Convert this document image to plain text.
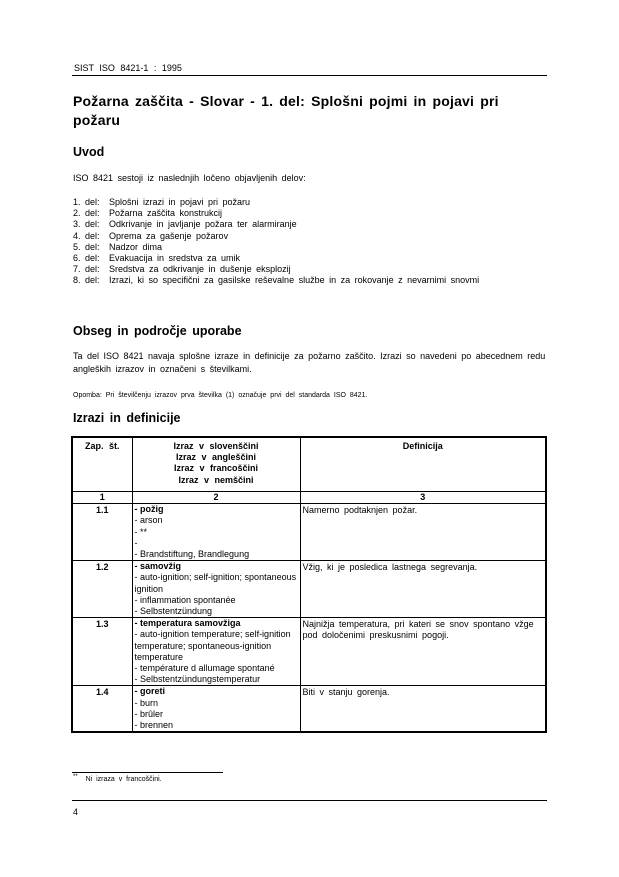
SIST ISO 8421-1 : 1995
Požarna zaščita - Slovar - 1. del: Splošni pojmi in pojavi pri požaru
Uvod
ISO 8421 sestoji iz naslednjih ločeno objavljenih delov:
1. del:	Splošni izrazi in pojavi pri požaru
2. del:	Požarna zaščita konstrukcij
3. del:	Odkrivanje in javljanje požara ter alarmiranje
4. del:	Oprema za gašenje požarov
5. del:	Nadzor dima
6. del:	Evakuacija in sredstva za umik
7. del:	Sredstva za odkrivanje in dušenje eksplozij
8. del:	Izrazi, ki so specifični za gasilske reševalne službe in za rokovanje z nevarnimi snovmi
Obseg in področje uporabe
Ta del ISO 8421 navaja splošne izraze in definicije za požarno zaščito. Izrazi so navedeni po abecednem redu angleških izrazov in označeni s številkami.
Opomba: Pri številčenju izrazov prva številka (1) označuje prvi del standarda ISO 8421.
Izrazi in definicije
Zap. št.	Izraz v slovenščini
Izraz v angleščini
Izraz v francoščini
Izraz v nemščini	Definicija
1	2	3
1.1	- požig
- arson
- **
-
- Brandstiftung, Brandlegung	Namerno podtaknjen požar.
1.2	- samovžig
- auto-ignition; self-ignition; spontaneous ignition
- inflammation spontanée
- Selbstentzündung	Vžig, ki je posledica lastnega segrevanja.
1.3	- temperatura samovžiga
- auto-ignition temperature; self-ignition temperature; spontaneous-ignition temperature
- température d allumage spontané
- Selbstentzündungstemperatur	Najnižja temperatura, pri kateri se snov spontano vžge pod določenimi preskusnimi pogoji.
1.4	- goreti
- burn
- brûler
- brennen	Biti v stanju gorenja.
** Ni izraza v francoščini.
4
